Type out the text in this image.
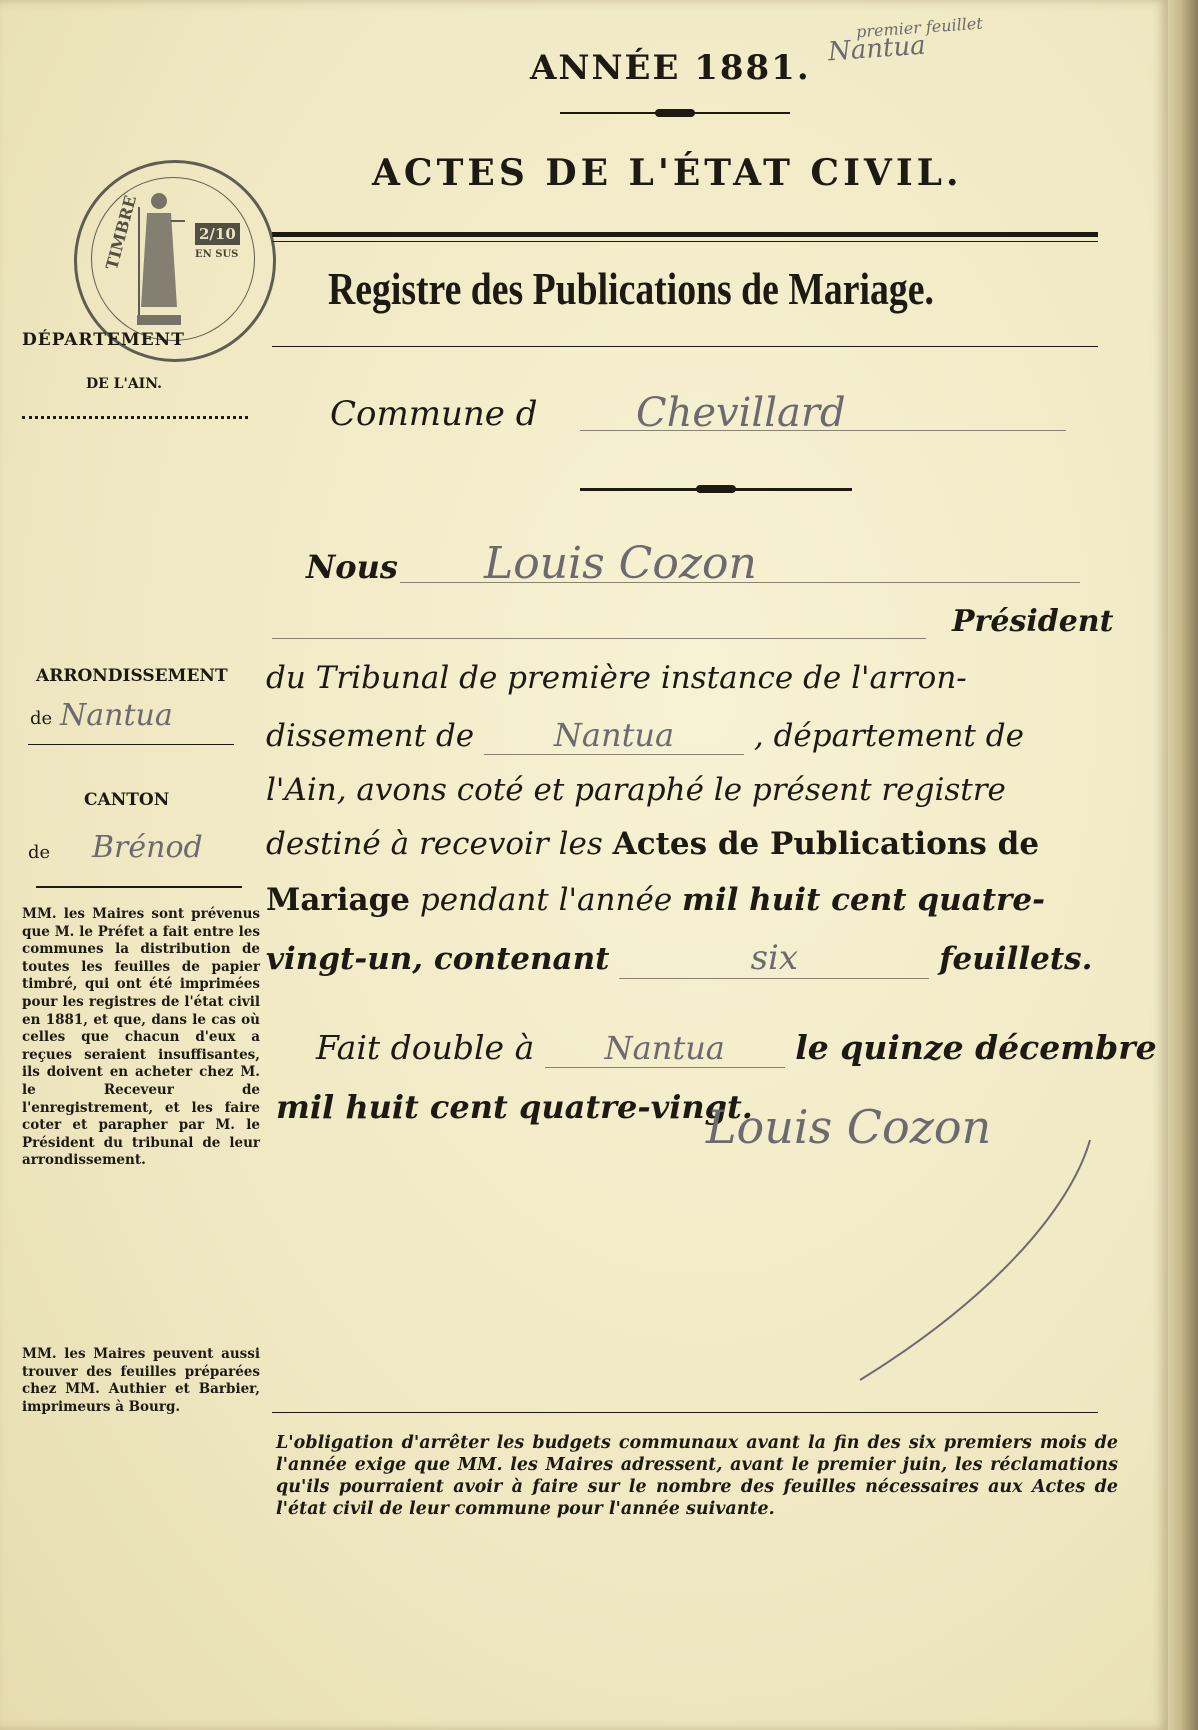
ANNÉE 1881.
premier feuillet
Nantua
ACTES DE L'ÉTAT CIVIL.
Registre des Publications de Mariage.
TIMBRE	2/10
EN SUS
DÉPARTEMENT
DE L'AIN.
ARRONDISSEMENT
de Nantua
CANTON
de Brénod
MM. les Maires sont prévenus que M. le Préfet a fait entre les communes la distribution de toutes les feuilles de papier timbré, qui ont été imprimées pour les registres de l'état civil en 1881, et que, dans le cas où celles que chacun d'eux a reçues seraient insuffisantes, ils doivent en acheter chez M. le Receveur de l'enregistrement, et les faire coter et parapher par M. le Président du tribunal de leur arrondissement.
MM. les Maires peuvent aussi trouver des feuilles préparées chez MM. Authier et Barbier, imprimeurs à Bourg.
Commune d Chevillard
Nous Louis Cozon
Président
du Tribunal de première instance de l'arron-
dissement de Nantua	, département de
l'Ain, avons coté et paraphé le présent registre
destiné à recevoir les Actes de Publications de
Mariage pendant l'année mil huit cent quatre-
vingt-un, contenant	six	feuillets.
Fait double à Nantua le quinze décembre
mil huit cent quatre-vingt.
Louis Cozon
L'obligation d'arrêter les budgets communaux avant la fin des six premiers mois de l'année exige que MM. les Maires adressent, avant le premier juin, les réclamations qu'ils pourraient avoir à faire sur le nombre des feuilles nécessaires aux Actes de l'état civil de leur commune pour l'année suivante.
